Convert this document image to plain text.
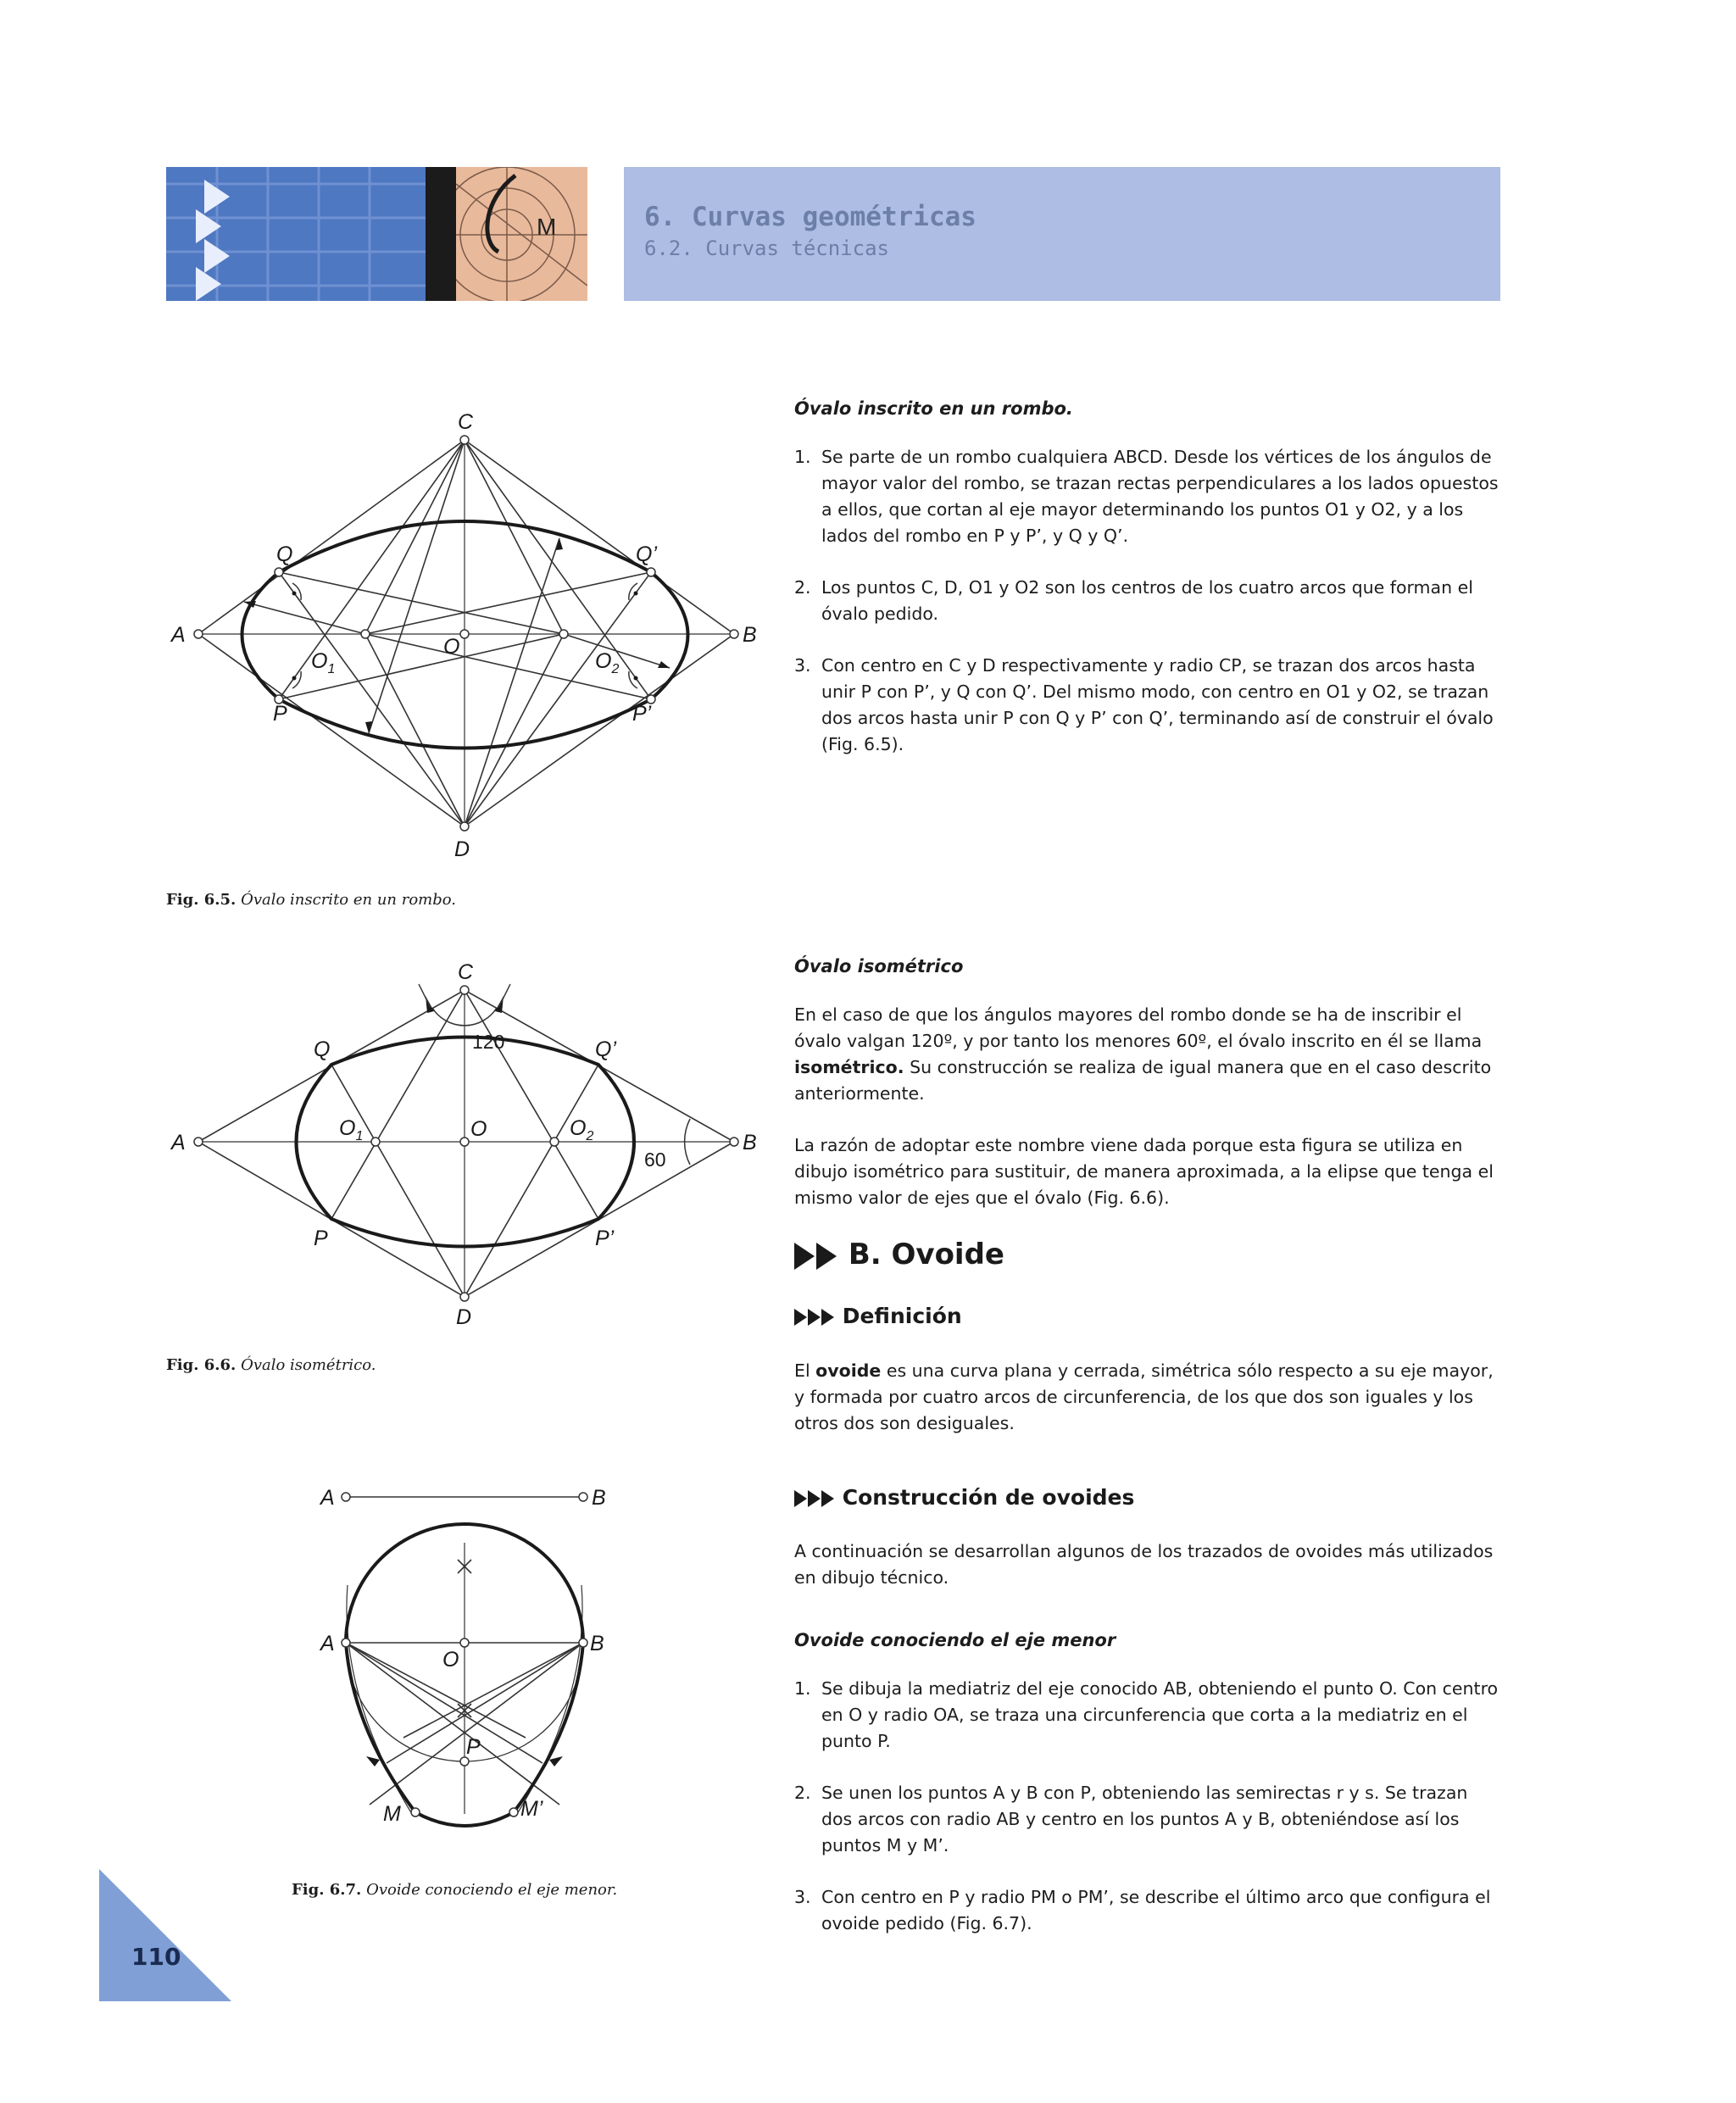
M	6. Curvas geométricas
6.2. Curvas técnicas
C
D
A	B
O
$O_1$	$O_2$
Q	Q’
P	P’
Fig. 6.5. Óvalo inscrito en un rombo.
C
D
A	B
O
$O_1$	$O_2$
Q	Q’
P	P’
120
60
Fig. 6.6. Óvalo isométrico.
A	B
A	B
O
P
M	M’
Fig. 6.7. Ovoide conociendo el eje menor.
Óvalo inscrito en un rombo.
1. Se parte de un rombo cualquiera ABCD. Desde los vértices de los ángulos de mayor valor del rombo, se trazan rectas perpendiculares a los lados opuestos a ellos, que cortan al eje mayor determinando los puntos O1 y O2, y a los lados del rombo en P y P’, y Q y Q’.
2. Los puntos C, D, O1 y O2 son los centros de los cuatro arcos que forman el óvalo pedido.
3. Con centro en C y D respectivamente y radio CP, se trazan dos arcos hasta unir P con P’, y Q con Q’. Del mismo modo, con centro en O1 y O2, se trazan dos arcos hasta unir P con Q y P’ con Q’, terminando así de construir el óvalo (Fig. 6.5).
Óvalo isométrico
En el caso de que los ángulos mayores del rombo donde se ha de inscribir el óvalo valgan 120º, y por tanto los menores 60º, el óvalo inscrito en él se llama isométrico. Su construcción se realiza de igual manera que en el caso descrito anteriormente.
La razón de adoptar este nombre viene dada porque esta figura se utiliza en dibujo isométrico para sustituir, de manera aproximada, a la elipse que tenga el mismo valor de ejes que el óvalo (Fig. 6.6).
B. Ovoide
Definición
El ovoide es una curva plana y cerrada, simétrica sólo respecto a su eje mayor, y formada por cuatro arcos de circunferencia, de los que dos son iguales y los otros dos son desiguales.
Construcción de ovoides
A continuación se desarrollan algunos de los trazados de ovoides más utilizados en dibujo técnico.
Ovoide conociendo el eje menor
1. Se dibuja la mediatriz del eje conocido AB, obteniendo el punto O. Con centro en O y radio OA, se traza una circunferencia que corta a la mediatriz en el punto P.
2. Se unen los puntos A y B con P, obteniendo las semirectas r y s. Se trazan dos arcos con radio AB y centro en los puntos A y B, obteniéndose así los puntos M y M’.
3. Con centro en P y radio PM o PM’, se describe el último arco que configura el ovoide pedido (Fig. 6.7).
110
